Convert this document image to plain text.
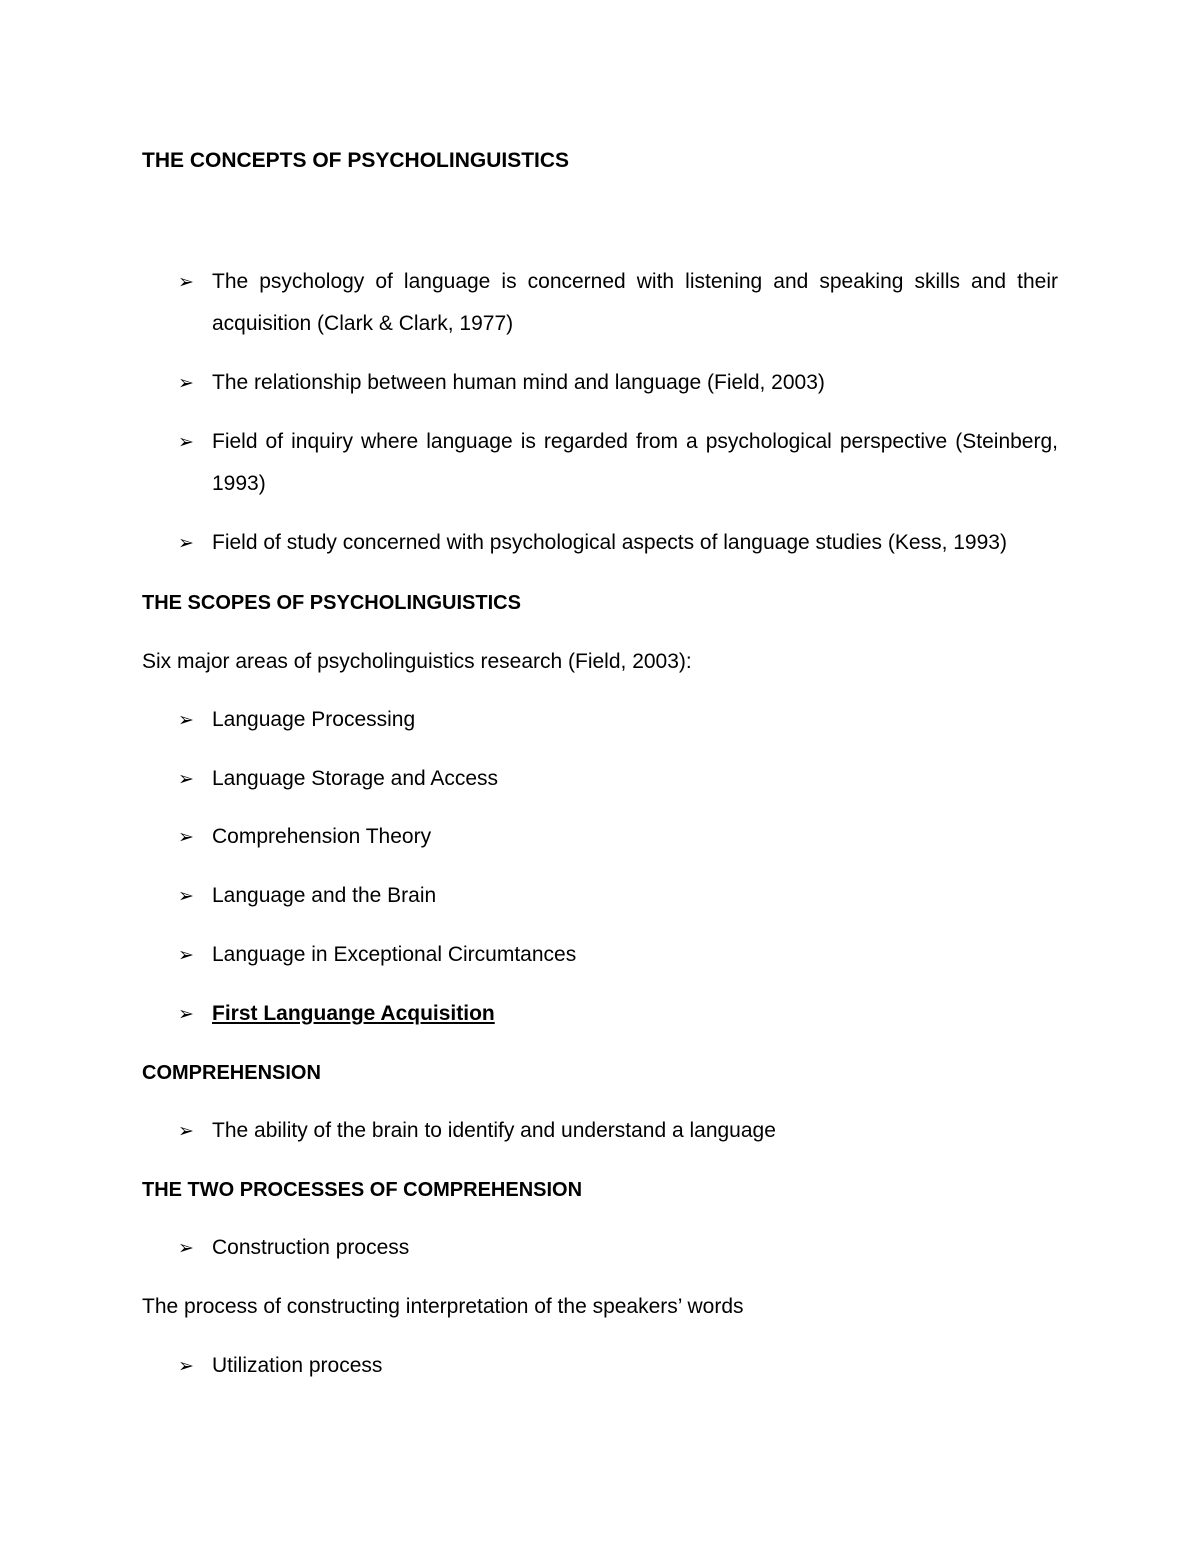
THE CONCEPTS OF PSYCHOLINGUISTICS
➢ The psychology of language is concerned with listening and speaking skills and their acquisition (Clark & Clark, 1977)
➢ The relationship between human mind and language (Field, 2003)
➢ Field of inquiry where language is regarded from a psychological perspective (Steinberg, 1993)
➢ Field of study concerned with psychological aspects of language studies (Kess, 1993)
THE SCOPES OF PSYCHOLINGUISTICS
Six major areas of psycholinguistics research (Field, 2003):
➢ Language Processing
➢ Language Storage and Access
➢ Comprehension Theory
➢ Language and the Brain
➢ Language in Exceptional Circumtances
➢ First Languange Acquisition
COMPREHENSION
➢ The ability of the brain to identify and understand a language
THE TWO PROCESSES OF COMPREHENSION
➢ Construction process
The process of constructing interpretation of the speakers’ words
➢ Utilization process
